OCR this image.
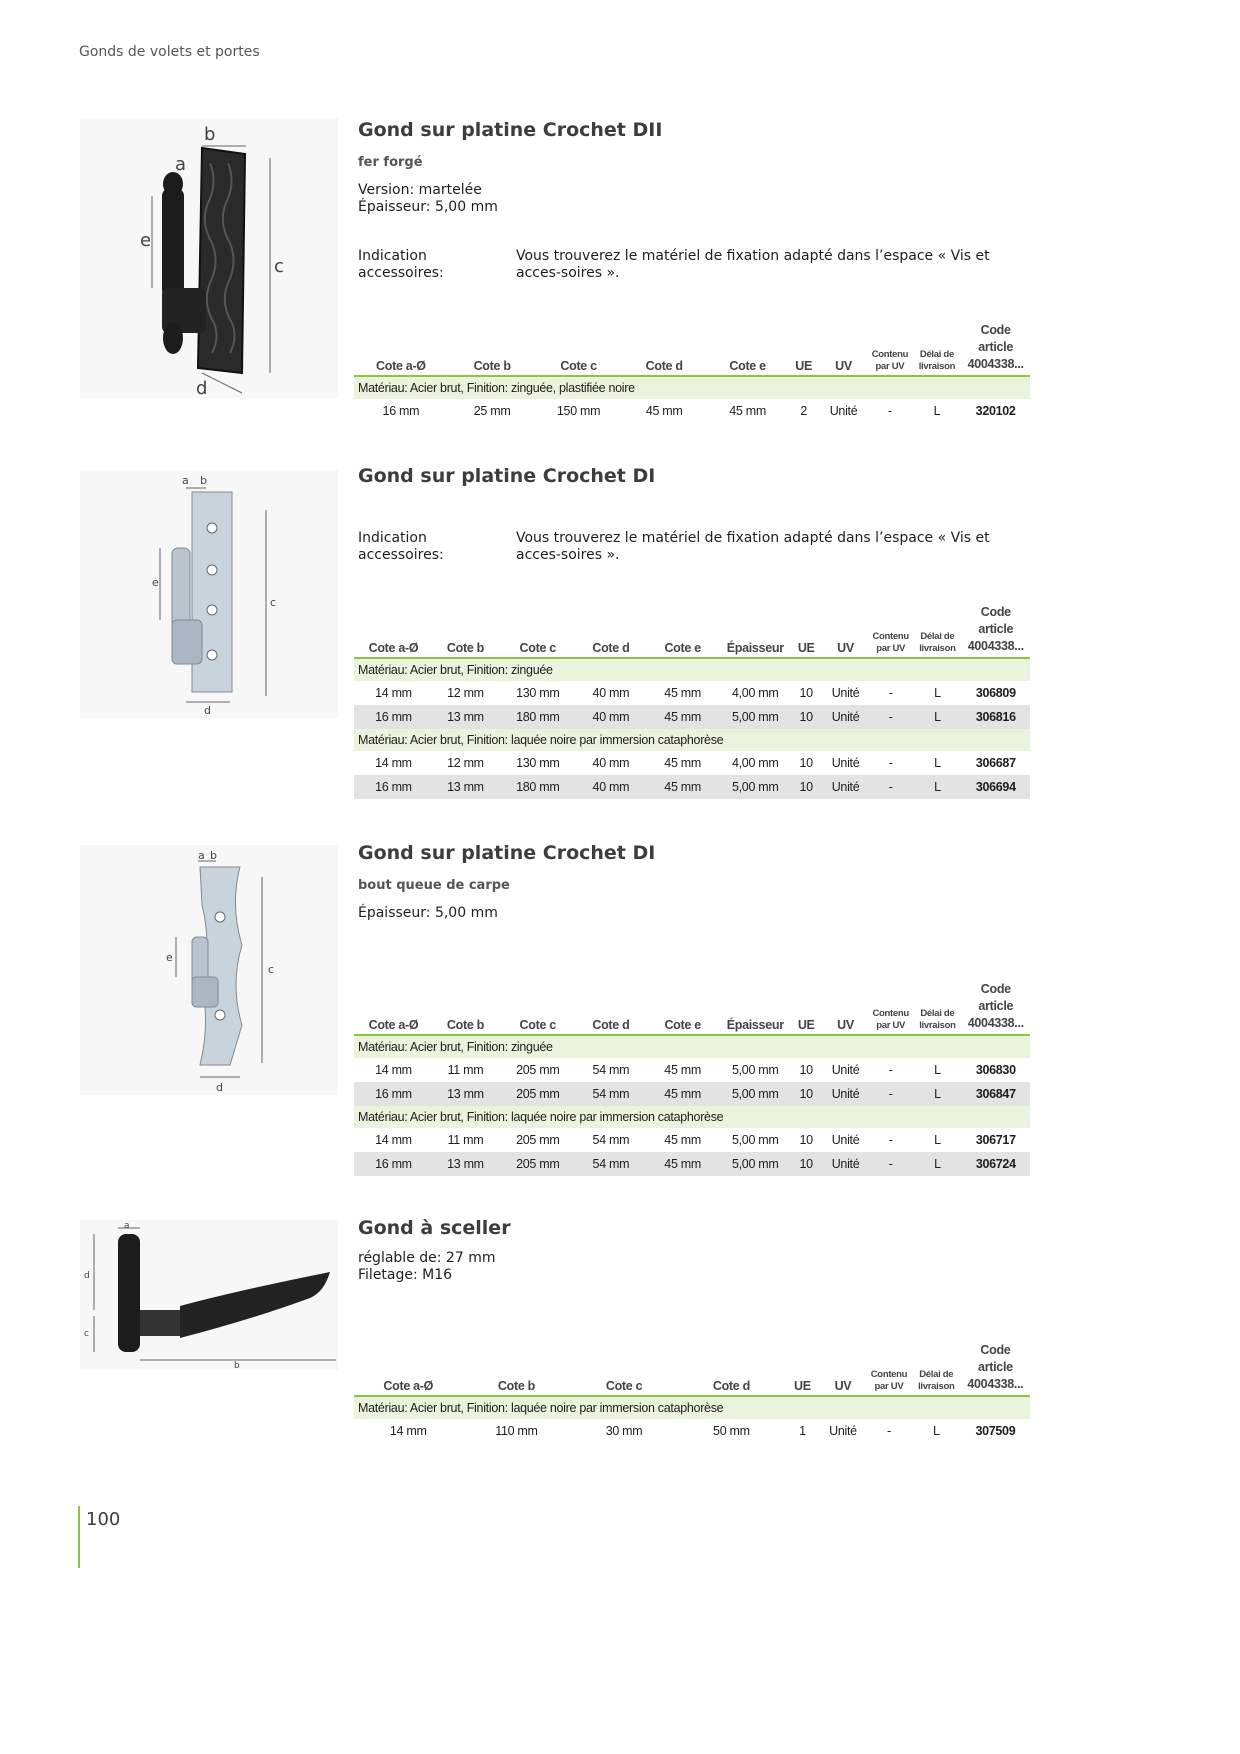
Gonds de volets et portes
b
a
c
e
d
Gond sur platine Crochet DII
fer forgé
Version: martelée
Épaisseur: 5,00 mm
Indication accessoires:
Vous trouverez le matériel de fixation adapté dans l’espace « Vis et acces-soires ».
Cote a-Ø	Cote b	Cote c	Cote d	Cote e	UE	UV	Contenu par UV	Délai de livraison	Code article 4004338...
Matériau: Acier brut, Finition: zinguée, plastifiée noire									
16 mm	25 mm	150 mm	45 mm	45 mm	2	Unité	-	L	320102
a b
c
e
d
Gond sur platine Crochet DI
Indication accessoires:
Vous trouverez le matériel de fixation adapté dans l’espace « Vis et acces-soires ».
Cote a-Ø	Cote b	Cote c	Cote d	Cote e	Épaisseur	UE	UV	Contenu par UV	Délai de livraison	Code article 4004338...
Matériau: Acier brut, Finition: zinguée										
14 mm	12 mm	130 mm	40 mm	45 mm	4,00 mm	10	Unité	-	L	306809
16 mm	13 mm	180 mm	40 mm	45 mm	5,00 mm	10	Unité	-	L	306816
Matériau: Acier brut, Finition: laquée noire par immersion cataphorèse										
14 mm	12 mm	130 mm	40 mm	45 mm	4,00 mm	10	Unité	-	L	306687
16 mm	13 mm	180 mm	40 mm	45 mm	5,00 mm	10	Unité	-	L	306694
a b
c
e
d
Gond sur platine Crochet DI
bout queue de carpe
Épaisseur: 5,00 mm
Cote a-Ø	Cote b	Cote c	Cote d	Cote e	Épaisseur	UE	UV	Contenu par UV	Délai de livraison	Code article 4004338...
Matériau: Acier brut, Finition: zinguée										
14 mm	11 mm	205 mm	54 mm	45 mm	5,00 mm	10	Unité	-	L	306830
16 mm	13 mm	205 mm	54 mm	45 mm	5,00 mm	10	Unité	-	L	306847
Matériau: Acier brut, Finition: laquée noire par immersion cataphorèse										
14 mm	11 mm	205 mm	54 mm	45 mm	5,00 mm	10	Unité	-	L	306717
16 mm	13 mm	205 mm	54 mm	45 mm	5,00 mm	10	Unité	-	L	306724
a
d
c
b
Gond à sceller
réglable de: 27 mm
Filetage: M16
Cote a-Ø	Cote b	Cote c	Cote d	UE	UV	Contenu par UV	Délai de livraison	Code article 4004338...
Matériau: Acier brut, Finition: laquée noire par immersion cataphorèse								
14 mm	110 mm	30 mm	50 mm	1	Unité	-	L	307509
100
